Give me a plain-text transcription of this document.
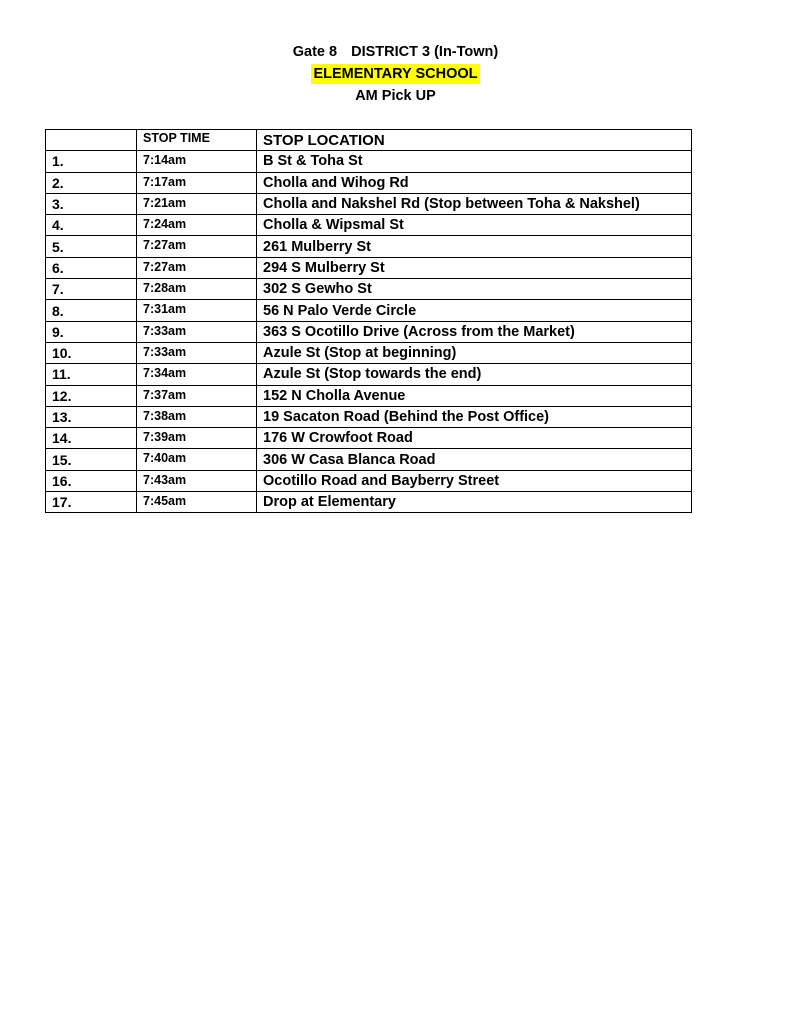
Gate 8 DISTRICT 3 (In-Town)
ELEMENTARY SCHOOL
AM Pick UP
	STOP TIME	STOP LOCATION
1.	7:14am	B St & Toha St
2.	7:17am	Cholla and Wihog Rd
3.	7:21am	Cholla and Nakshel Rd (Stop between Toha & Nakshel)
4.	7:24am	Cholla & Wipsmal St
5.	7:27am	261 Mulberry St
6.	7:27am	294 S Mulberry St
7.	7:28am	302 S Gewho St
8.	7:31am	56 N Palo Verde Circle
9.	7:33am	363 S Ocotillo Drive (Across from the Market)
10.	7:33am	Azule St (Stop at beginning)
11.	7:34am	Azule St (Stop towards the end)
12.	7:37am	152 N Cholla Avenue
13.	7:38am	19 Sacaton Road (Behind the Post Office)
14.	7:39am	176 W Crowfoot Road
15.	7:40am	306 W Casa Blanca Road
16.	7:43am	Ocotillo Road and Bayberry Street
17.	7:45am	Drop at Elementary
